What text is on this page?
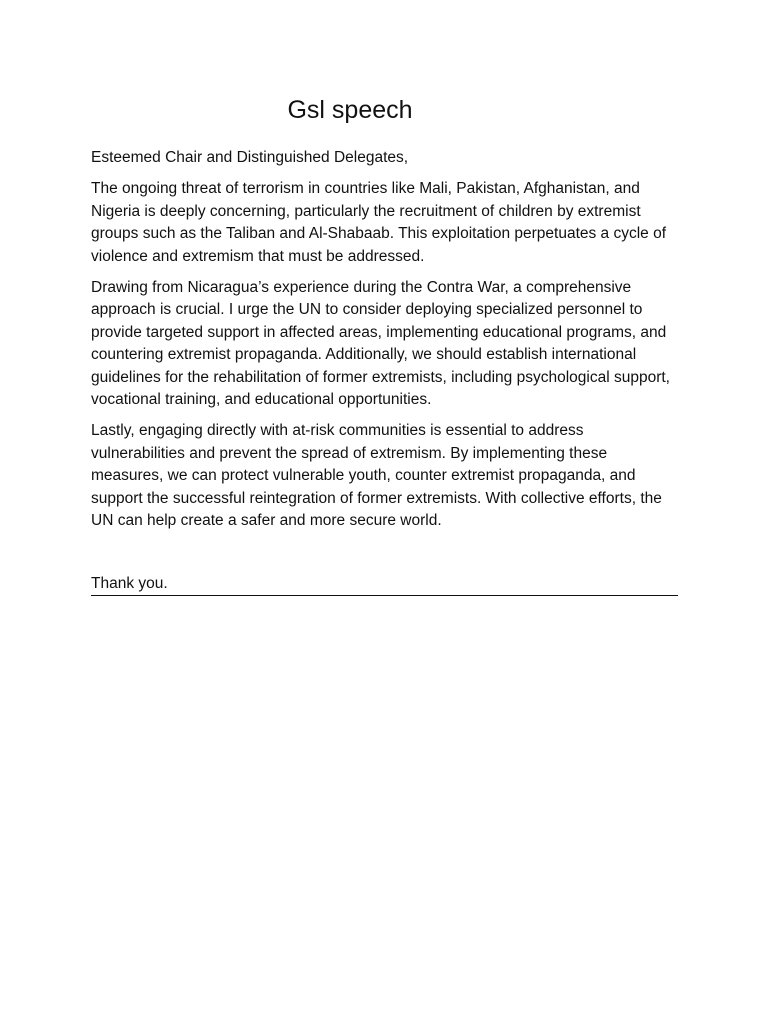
Gsl speech

Esteemed Chair and Distinguished Delegates,

The ongoing threat of terrorism in countries like Mali, Pakistan, Afghanistan, and Nigeria is deeply concerning, particularly the recruitment of children by extremist groups such as the Taliban and Al-Shabaab. This exploitation perpetuates a cycle of violence and extremism that must be addressed.

Drawing from Nicaragua’s experience during the Contra War, a comprehensive approach is crucial. I urge the UN to consider deploying specialized personnel to provide targeted support in affected areas, implementing educational programs, and countering extremist propaganda. Additionally, we should establish international guidelines for the rehabilitation of former extremists, including psychological support, vocational training, and educational opportunities.

Lastly, engaging directly with at-risk communities is essential to address vulnerabilities and prevent the spread of extremism. By implementing these measures, we can protect vulnerable youth, counter extremist propaganda, and support the successful reintegration of former extremists. With collective efforts, the UN can help create a safer and more secure world.

Thank you.
